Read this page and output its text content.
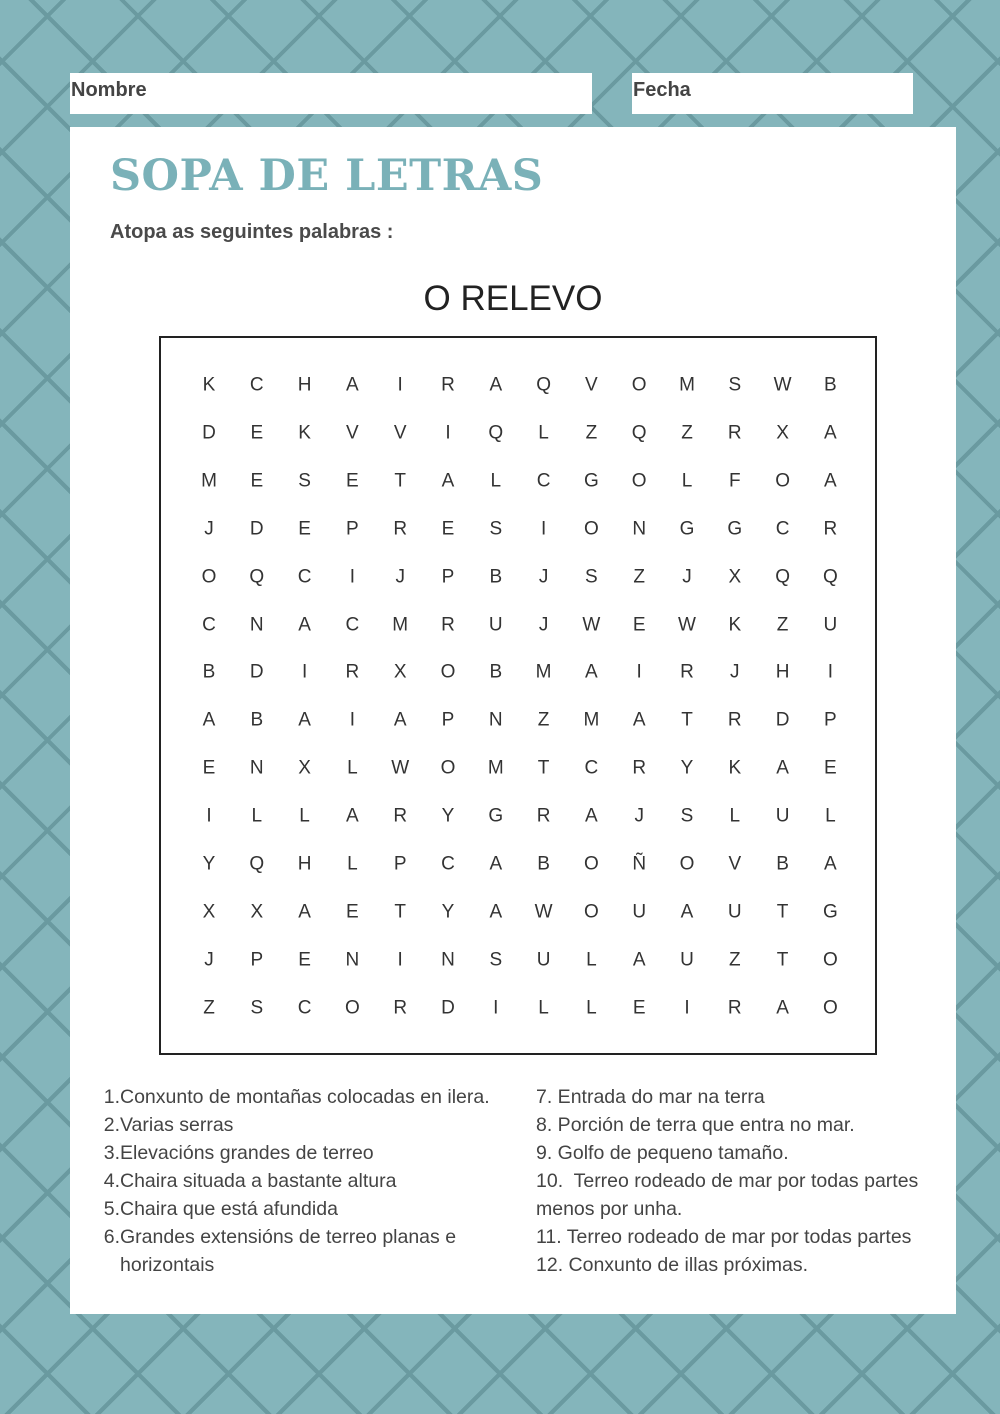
Nombre	Fecha
SOPA DE LETRAS
Atopa as seguintes palabras :
O RELEVO
K	C	H	A	I	R	A	Q	V	O	M	S	W	B
D	E	K	V	V	I	Q	L	Z	Q	Z	R	X	A
M	E	S	E	T	A	L	C	G	O	L	F	O	A
J	D	E	P	R	E	S	I	O	N	G	G	C	R
O	Q	C	I	J	P	B	J	S	Z	J	X	Q	Q
C	N	A	C	M	R	U	J	W	E	W	K	Z	U
B	D	I	R	X	O	B	M	A	I	R	J	H	I
A	B	A	I	A	P	N	Z	M	A	T	R	D	P
E	N	X	L	W	O	M	T	C	R	Y	K	A	E
I	L	L	A	R	Y	G	R	A	J	S	L	U	L
Y	Q	H	L	P	C	A	B	O	Ñ	O	V	B	A
X	X	A	E	T	Y	A	W	O	U	A	U	T	G
J	P	E	N	I	N	S	U	L	A	U	Z	T	O
Z	S	C	O	R	D	I	L	L	E	I	R	A	O
1. Conxunto de montañas colocadas en ilera.
2. Varias serras
3. Elevacións grandes de terreo
4. Chaira situada a bastante altura
5. Chaira que está afundida
6. Grandes extensións de terreo planas e horizontais
7. Entrada do mar na terra
8. Porción de terra que entra no mar.
9. Golfo de pequeno tamaño.
10.  Terreo rodeado de mar por todas partes menos por unha.
11. Terreo rodeado de mar por todas partes
12. Conxunto de illas próximas.
